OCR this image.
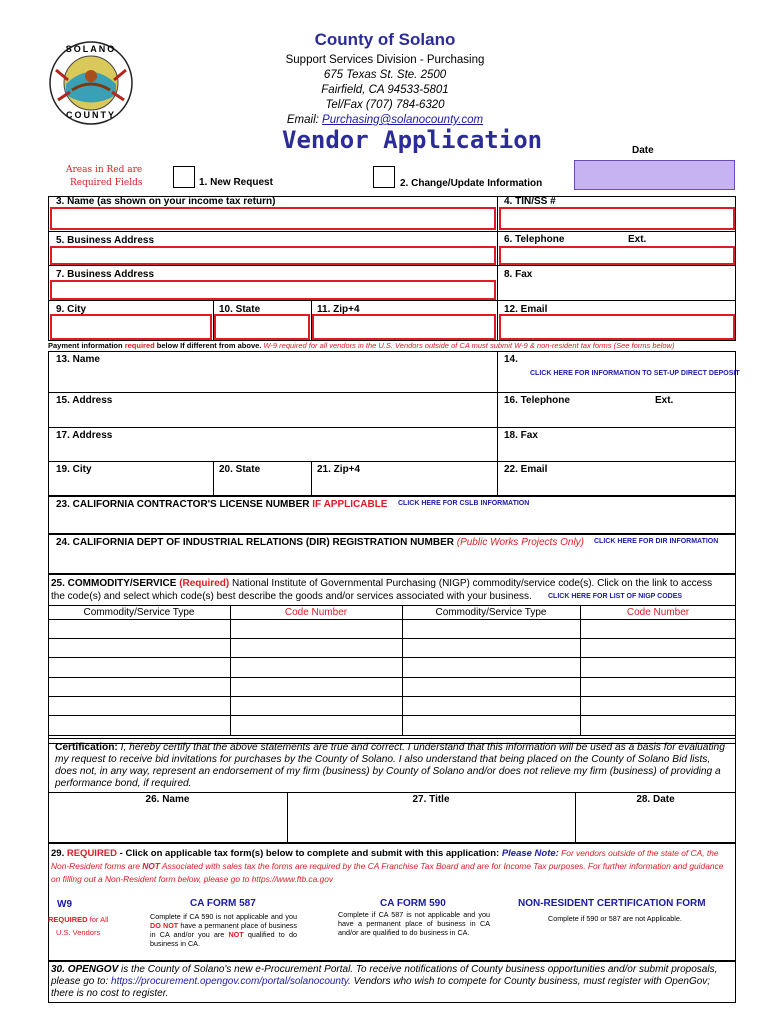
SOLANO
COUNTY
County of Solano
Support Services Division - Purchasing
675 Texas St. Ste. 2500
Fairfield, CA 94533-5801
Tel/Fax (707) 784-6320
Email: Purchasing@solanocounty.com
Vendor Application	Date
Areas in Red are
Required Fields	1. New Request	2. Change/Update Information
3. Name (as shown on your income tax return)	4. TIN/SS #
5. Business Address	6. Telephone	Ext.
7. Business Address	8. Fax
9. City	10. State	11. Zip+4	12. Email
Payment information required below If different from above. W-9 required for all vendors in the U.S. Vendors outside of CA must submit W-9 & non-resident tax forms (See forms below)
13. Name	14.
CLICK HERE FOR INFORMATION TO SET-UP DIRECT DEPOSIT
15. Address	16. Telephone	Ext.
17. Address	18. Fax
19. City	20. State	21. Zip+4	22. Email
23. CALIFORNIA CONTRACTOR'S LICENSE NUMBER IF APPLICABLE CLICK HERE FOR CSLB INFORMATION
24. CALIFORNIA DEPT OF INDUSTRIAL RELATIONS (DIR) REGISTRATION NUMBER (Public Works Projects Only) CLICK HERE FOR DIR INFORMATION
25. COMMODITY/SERVICE (Required) National Institute of Governmental Purchasing (NIGP) commodity/service code(s). Click on the link to access
the code(s) and select which code(s) best describe the goods and/or services associated with your business.	CLICK HERE FOR LIST OF NIGP CODES
Commodity/Service Type	Code Number	Commodity/Service Type	Code Number
Certification: I, hereby certify that the above statements are true and correct. I understand that this information will be used as a basis for evaluating my request to receive bid invitations for purchases by the County of Solano. I also understand that being placed on the County of Solano Bid lists, does not, in any way, represent an endorsement of my firm (business) by County of Solano and/or does not relieve my firm (business) of providing a performance bond, if required.
26. Name	27. Title	28. Date
29. REQUIRED - Click on applicable tax form(s) below to complete and submit with this application: Please Note: For vendors outside of the state of CA, the Non-Resident forms are NOT Associated with sales tax the forms are required by the CA Franchise Tax Board and are for Income Tax purposes. For further information and guidance on filling out a Non-Resident form below, please go to https://www.ftb.ca.gov
W9
REQUIRED for All
U.S. Vendors
CA FORM 587
Complete if CA 590 is not applicable and you DO NOT have a permanent place of business in CA and/or you are NOT qualified to do business in CA.
CA FORM 590
Complete if CA 587 is not applicable and you have a permanent place of business in CA and/or are qualified to do business in CA.
NON-RESIDENT CERTIFICATION FORM
Complete if 590 or 587 are not Applicable.
30. OPENGOV is the County of Solano's new e-Procurement Portal. To receive notifications of County business opportunities and/or submit proposals, please go to: https://procurement.opengov.com/portal/solanocounty. Vendors who wish to compete for County business, must register with OpenGov; there is no cost to register.
